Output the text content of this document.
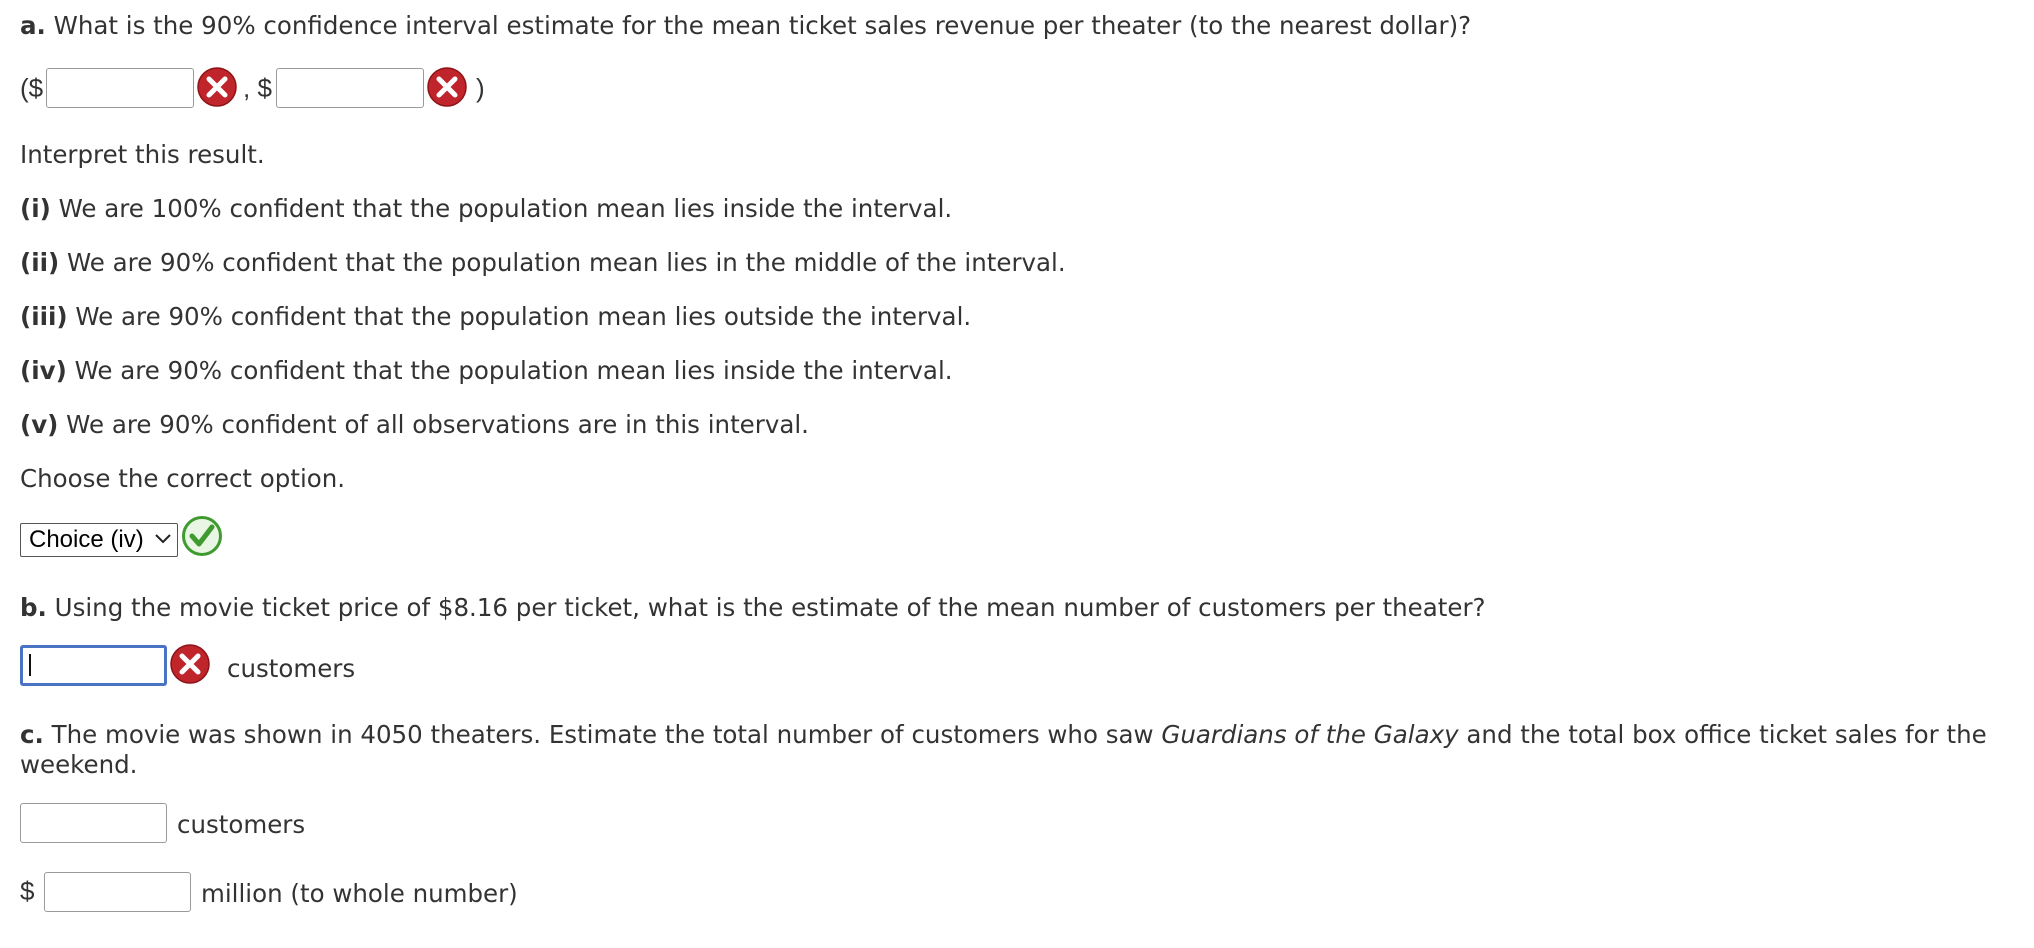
a. What is the 90% confidence interval estimate for the mean ticket sales revenue per theater (to the nearest dollar)?
($	, $	)
Interpret this result.
(i) We are 100% confident that the population mean lies inside the interval.
(ii) We are 90% confident that the population mean lies in the middle of the interval.
(iii) We are 90% confident that the population mean lies outside the interval.
(iv) We are 90% confident that the population mean lies inside the interval.
(v) We are 90% confident of all observations are in this interval.
Choose the correct option.
Choice (iv)
b. Using the movie ticket price of $8.16 per ticket, what is the estimate of the mean number of customers per theater?
customers
c. The movie was shown in 4050 theaters. Estimate the total number of customers who saw Guardians of the Galaxy and the total box office ticket sales for the
weekend.
customers
$	million (to whole number)
